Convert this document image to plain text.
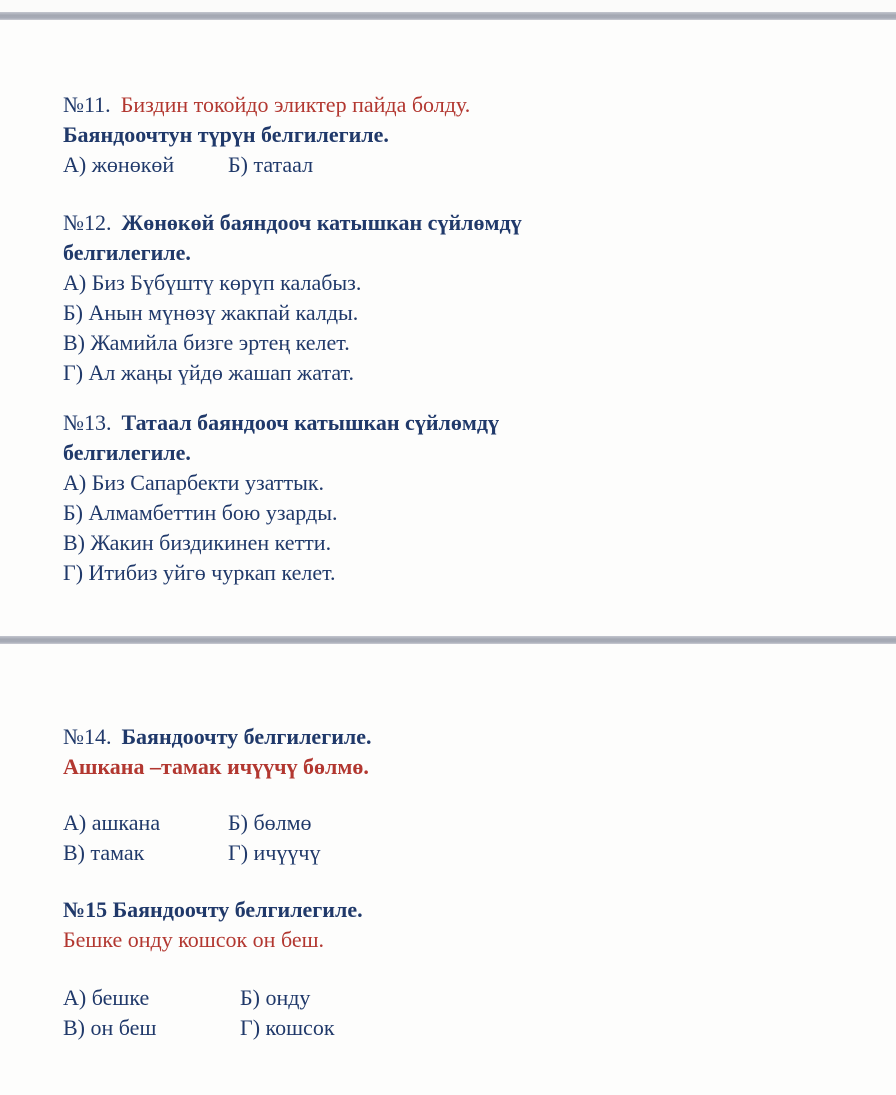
№11. Биздин токойдо эликтер пайда болду.

Баяндоочтун түрүн белгилегиле.

А) жөнөкөй	Б) татаал

№12. Жөнөкөй баяндооч катышкан сүйлөмдү белгилегиле.

А) Биз Бүбүштү көрүп калабыз.

Б) Анын мүнөзү жакпай калды.

В) Жамийла бизге эртең келет.

Г) Ал жаңы үйдө жашап жатат.

№13. Татаал баяндооч катышкан сүйлөмдү белгилегиле.

А) Биз Сапарбекти узаттык.

Б) Алмамбеттин бою узарды.

В) Жакин биздикинен кетти.

Г) Итибиз уйгө чуркап келет.

№14. Баяндоочту белгилегиле.

Ашкана –тамак ичүүчү бөлмө.

А) ашкана	Б) бөлмө
В) тамак	Г) ичүүчү

№15 Баяндоочту белгилегиле.

Бешке онду кошсок он беш.

А) бешке	Б) онду
В) он беш	Г) кошсок
